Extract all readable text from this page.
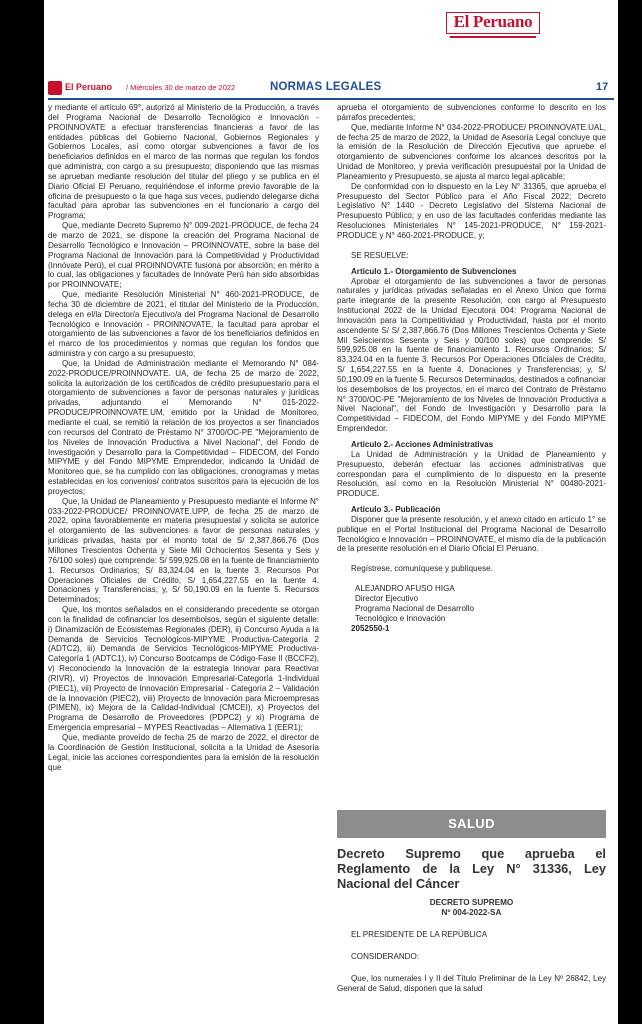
El Peruano
El Peruano / Miércoles 30 de marzo de 2022	NORMAS LEGALES	17

y mediante el artículo 69°, autorizó al Ministerio de la Producción, a través del Programa Nacional de Desarrollo Tecnológico e Innovación - PROINNOVATE a efectuar transferencias financieras a favor de las entidades públicas del Gobierno Nacional, Gobiernos Regionales y Gobiernos Locales, así como otorgar subvenciones a favor de los beneficiarios definidos en el marco de las normas que regulan los fondos que administra, con cargo a su presupuesto; disponiendo que las mismas se aprueban mediante resolución del titular del pliego y se publica en el Diario Oficial El Peruano, requiriéndose el informe previo favorable de la oficina de presupuesto o la que haga sus veces, pudiendo delegarse dicha facultad para aprobar las subvenciones en el funcionario a cargo del Programa;

Que, mediante Decreto Supremo N° 009-2021-PRODUCE, de fecha 24 de marzo de 2021, se dispone la creación del Programa Nacional de Desarrollo Tecnológico e Innovación – PROINNOVATE, sobre la base del Programa Nacional de Innovación para la Competitividad y Productividad (Innóvate Perú), el cual PROINNOVATE fusiona por absorción; en mérito a lo cual, las obligaciones y facultades de Innóvate Perú han sido absorbidas por PROINNOVATE;

Que, mediante Resolución Ministerial N° 460-2021-PRODUCE, de fecha 30 de diciembre de 2021, el titular del Ministerio de la Producción, delega en el/la Director/a Ejecutivo/a del Programa Nacional de Desarrollo Tecnológico e Innovación - PROINNOVATE, la facultad para aprobar el otorgamiento de las subvenciones a favor de los beneficiarios definidos en el marco de los procedimientos y normas que regulan los fondos que administra y con cargo a su presupuesto;

Que, la Unidad de Administración mediante el Memorando N° 084-2022-PRODUCE/PROINNOVATE. UA, de fecha 25 de marzo de 2022, solicita la autorización de los certificados de crédito presupuestario para el otorgamiento de subvenciones a favor de personas naturales y jurídicas privadas, adjuntando el Memorando N° 015-2022-PRODUCE/PROINNOVATE.UM, emitido por la Unidad de Monitoreo, mediante el cual, se remitió la relación de los proyectos a ser financiados con recursos del Contrato de Préstamo N° 3700/OC-PE "Mejoramiento de los Niveles de Innovación Productiva a Nivel Nacional", del Fondo de Investigación y Desarrollo para la Competitividad – FIDECOM, del Fondo MIPYME y del Fondo MIPYME Emprendedor, indicando la Unidad de Monitoreo que, se ha cumplido con las obligaciones, cronogramas y metas establecidas en los convenios/ contratos suscritos para la ejecución de los proyectos;

Que, la Unidad de Planeamiento y Presupuesto mediante el Informe N° 033-2022-PRODUCE/ PROINNOVATE.UPP, de fecha 25 de marzo de 2022, opina favorablemente en materia presupuestal y solicita se autorice el otorgamiento de las subvenciones a favor de personas naturales y jurídicas privadas, hasta por el monto total de S/ 2,387,866.76 (Dos Millones Trescientos Ochenta y Siete Mil Ochocientos Sesenta y Seis y 76/100 soles) que comprende: S/ 599,925.08 en la fuente de financiamiento 1. Recursos Ordinarios; S/ 83,324.04 en la fuente 3. Recursos Por Operaciones Oficiales de Crédito, S/ 1,654,227.55 en la fuente 4. Donaciones y Transferencias; y, S/ 50,190.09 en la fuente 5. Recursos Determinados;

Que, los montos señalados en el considerando precedente se otorgan con la finalidad de cofinanciar los desembolsos, según el siguiente detalle: i) Dinamización de Ecosistemas Regionales (DER), ii) Concurso Ayuda a la Demanda de Servicios Tecnológicos-MIPYME Productiva-Categoría 2 (ADTC2), iii) Demanda de Servicios Tecnológicos-MIPYME Productiva-Categoría 1 (ADTC1), iv) Concurso Bootcamps de Código-Fase II (BCCF2), v) Reconociendo la Innovación de la estrategia Innovar para Reactivar (RIVR), vi) Proyectos de Innovación Empresarial-Categoría 1-Individual (PIEC1), vii) Proyecto de Innovación Empresarial - Categoría 2 – Validación de la Innovación (PIEC2), viii) Proyecto de Innovación para Microempresas (PIMEN), ix) Mejora de la Calidad-Individual (CMCEI), x) Proyectos del Programa de Desarrollo de Proveedores (PDPC2) y xi) Programa de Emergencia empresarial – MYPES Reactivadas – Alternativa 1 (EER1);

Que, mediante proveído de fecha 25 de marzo de 2022, el director de la Coordinación de Gestión Institucional, solicita a la Unidad de Asesoría Legal, inicie las acciones correspondientes para la emisión de la resolución que

aprueba el otorgamiento de subvenciones conforme lo descrito en los párrafos precedentes;

Que, mediante Informe N° 034-2022-PRODUCE/ PROINNOVATE.UAL, de fecha 25 de marzo de 2022, la Unidad de Asesoría Legal concluye que la emisión de la Resolución de Dirección Ejecutiva que apruebe el otorgamiento de subvenciones conforme los alcances descritos por la Unidad de Monitoreo, y previa verificación presupuestal por la Unidad de Planeamiento y Presupuesto, se ajusta al marco legal aplicable;

De conformidad con lo dispuesto en la Ley N° 31365, que aprueba el Presupuesto del Sector Público para el Año Fiscal 2022; Decreto Legislativo N° 1440 - Decreto Legislativo del Sistema Nacional de Presupuesto Público; y en uso de las facultades conferidas mediante las Resoluciones Ministeriales N° 145-2021-PRODUCE, N° 159-2021-PRODUCE y N° 460-2021-PRODUCE, y;

SE RESUELVE:

Artículo 1.- Otorgamiento de Subvenciones

Aprobar el otorgamiento de las subvenciones a favor de personas naturales y jurídicas privadas señaladas en el Anexo Único que forma parte integrante de la presente Resolución, con cargo al Presupuesto Institucional 2022 de la Unidad Ejecutora 004: Programa Nacional de Innovación para la Competitividad y Productividad, hasta por el monto ascendente S/ S/ 2,387,866.76 (Dos Millones Trescientos Ochenta y Siete Mil Seiscientos Sesenta y Seis y 00/100 soles) que comprende: S/ 599,925.08 en la fuente de financiamiento 1. Recursos Ordinarios; S/ 83,324.04 en la fuente 3. Recursos Por Operaciones Oficiales de Crédito, S/ 1,654,227.55 en la fuente 4. Donaciones y Transferencias; y, S/ 50,190.09 en la fuente 5. Recursos Determinados, destinados a cofinanciar los desembolsos de los proyectos, en el marco del Contrato de Préstamo N° 3700/OC-PE "Mejoramiento de los Niveles de Innovación Productiva a Nivel Nacional", del Fondo de Investigación y Desarrollo para la Competitividad – FIDECOM, del Fondo MIPYME y del Fondo MIPYME Emprendedor.

Artículo 2.- Acciones Administrativas

La Unidad de Administración y la Unidad de Planeamiento y Presupuesto, deberán efectuar las acciones administrativas que correspondan para el cumplimiento de lo dispuesto en la presente Resolución, así como en la Resolución Ministerial N° 00480-2021-PRODUCE.

Artículo 3.- Publicación

Disponer que la presente resolución, y el anexo citado en artículo 1° se publique en el Portal Institucional del Programa Nacional de Desarrollo Tecnológico e Innovación – PROINNOVATE, el mismo día de la publicación de la presente resolución en el Diario Oficial El Peruano.

Regístrese, comuníquese y publíquese.

ALEJANDRO AFUSO HIGA

Director Ejecutivo

Programa Nacional de Desarrollo

Tecnológico e Innovación

2052550-1

SALUD
Decreto Supremo que aprueba el Reglamento de la Ley N° 31336, Ley Nacional del Cáncer
DECRETO SUPREMO
Nº 004-2022-SA

EL PRESIDENTE DE LA REPÚBLICA

CONSIDERANDO:

Que, los numerales I y II del Título Preliminar de la Ley Nº 26842, Ley General de Salud, disponen que la salud
